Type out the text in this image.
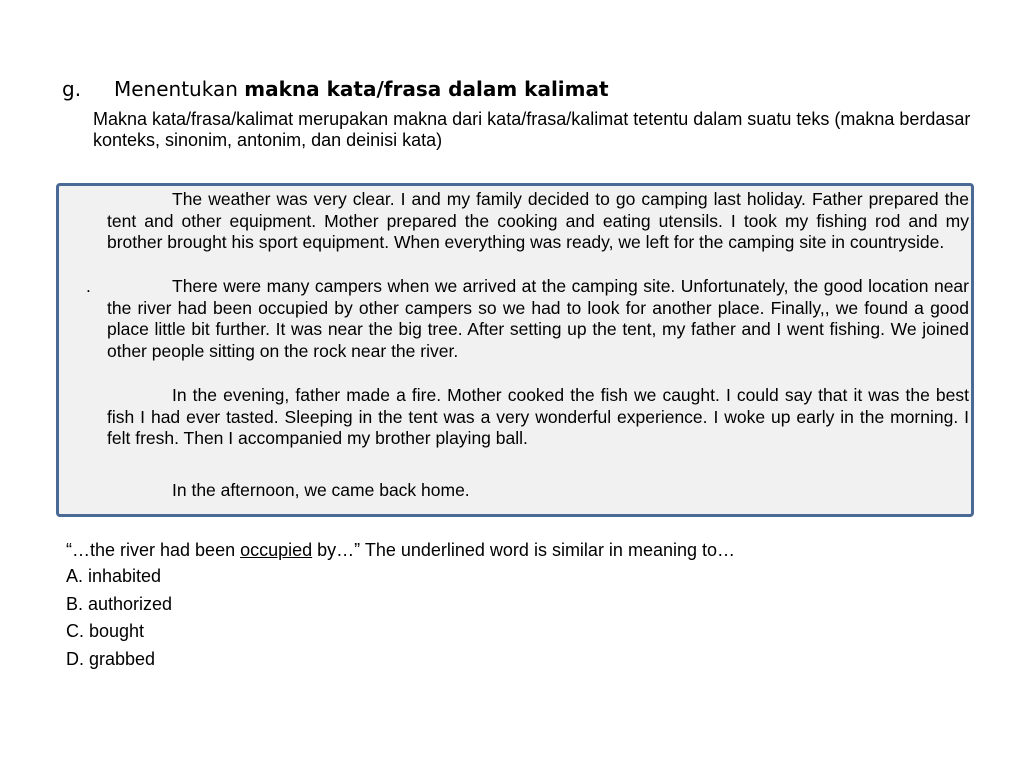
g. Menentukan makna kata/frasa dalam kalimat
Makna kata/frasa/kalimat merupakan makna dari kata/frasa/kalimat tetentu dalam suatu teks (makna berdasar konteks, sinonim, antonim, dan deinisi kata)
.
The weather was very clear. I and my family decided to go camping last holiday. Father prepared the tent and other equipment. Mother prepared the cooking and eating utensils. I took my fishing rod and my brother brought his sport equipment. When everything was ready, we left for the camping site in countryside.
There were many campers when we arrived at the camping site. Unfortunately, the good location near the river had been occupied by other campers so we had to look for another place. Finally,, we found a good place little bit further. It was near the big tree. After setting up the tent, my father and I went fishing. We joined other people sitting on the rock near the river.
In the evening, father made a fire. Mother cooked the fish we caught. I could say that it was the best fish I had ever tasted. Sleeping in the tent was a very wonderful experience. I woke up early in the morning. I felt fresh. Then I accompanied my brother playing ball.
In the afternoon, we came back home.
“…the river had been occupied by…” The underlined word is similar in meaning to…
A. inhabited
B. authorized
C. bought
D. grabbed
